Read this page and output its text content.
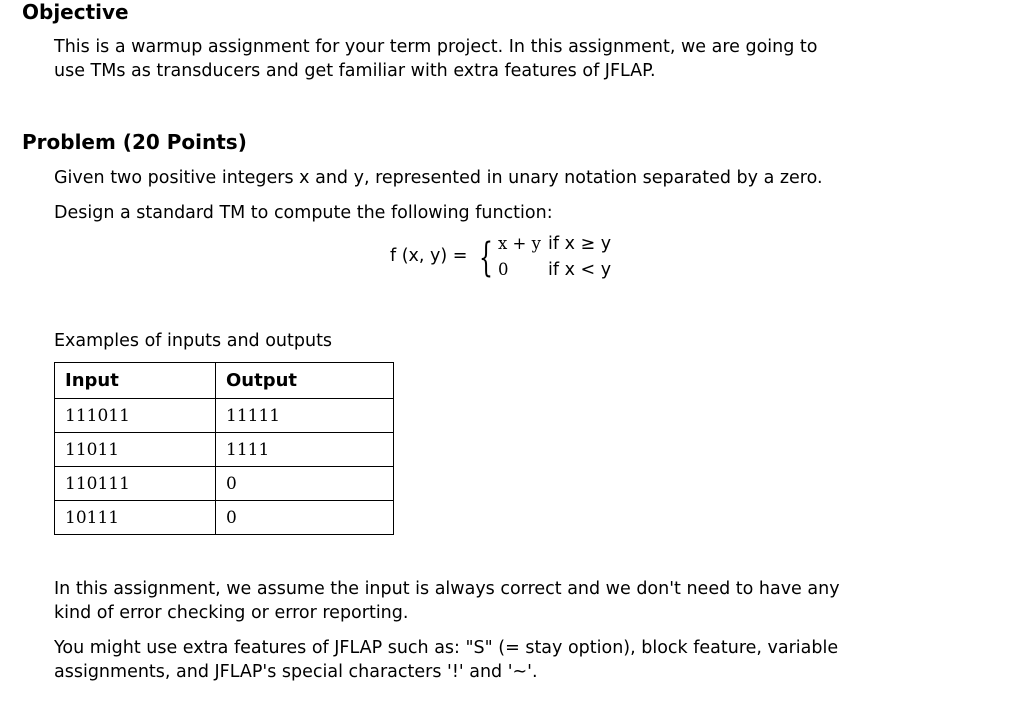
Objective

This is a warmup assignment for your term project. In this assignment, we are going to

use TMs as transducers and get familiar with extra features of JFLAP.

Problem (20 Points)

Given two positive integers x and y, represented in unary notation separated by a zero.

Design a standard TM to compute the following function:

f (x, y) = { x + y if x ≥ y
0 if x < y

Examples of inputs and outputs

Input	Output
111011	11111
11011	1111
110111	0
10111	0

In this assignment, we assume the input is always correct and we don't need to have any

kind of error checking or error reporting.

You might use extra features of JFLAP such as: "S" (= stay option), block feature, variable

assignments, and JFLAP's special characters '!' and '~'.
